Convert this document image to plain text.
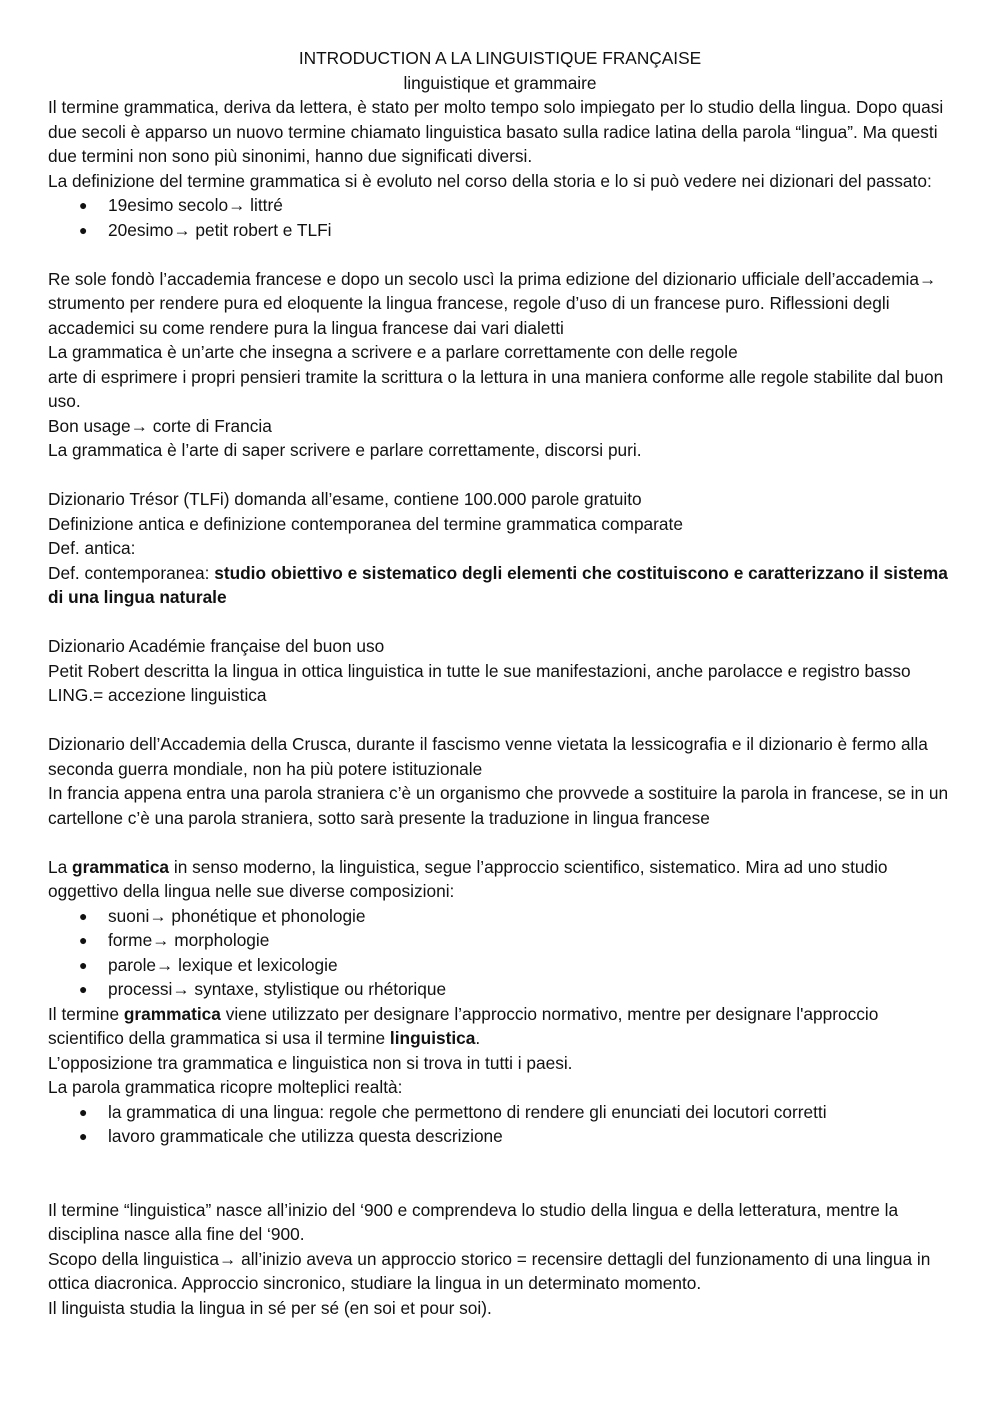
INTRODUCTION A LA LINGUISTIQUE FRANÇAISE
linguistique et grammaire

Il termine grammatica, deriva da lettera, è stato per molto tempo solo impiegato per lo studio della lingua. Dopo quasi due secoli è apparso un nuovo termine chiamato linguistica basato sulla radice latina della parola “lingua”. Ma questi due termini non sono più sinonimi, hanno due significati diversi.

La definizione del termine grammatica si è evoluto nel corso della storia e lo si può vedere nei dizionari del passato:

● 19esimo secolo→ littré
● 20esimo→ petit robert e TLFi

Re sole fondò l’accademia francese e dopo un secolo uscì la prima edizione del dizionario ufficiale dell’accademia→ strumento per rendere pura ed eloquente la lingua francese, regole d’uso di un francese puro. Riflessioni degli accademici su come rendere pura la lingua francese dai vari dialetti

La grammatica è un’arte che insegna a scrivere e a parlare correttamente con delle regole

arte di esprimere i propri pensieri tramite la scrittura o la lettura in una maniera conforme alle regole stabilite dal buon uso.

Bon usage→ corte di Francia

La grammatica è l’arte di saper scrivere e parlare correttamente, discorsi puri.

Dizionario Trésor (TLFi) domanda all’esame, contiene 100.000 parole gratuito

Definizione antica e definizione contemporanea del termine grammatica comparate

Def. antica:

Def. contemporanea: studio obiettivo e sistematico degli elementi che costituiscono e caratterizzano il sistema di una lingua naturale

Dizionario Académie française del buon uso

Petit Robert descritta la lingua in ottica linguistica in tutte le sue manifestazioni, anche parolacce e registro basso

LING.= accezione linguistica

Dizionario dell’Accademia della Crusca, durante il fascismo venne vietata la lessicografia e il dizionario è fermo alla seconda guerra mondiale, non ha più potere istituzionale

In francia appena entra una parola straniera c’è un organismo che provvede a sostituire la parola in francese, se in un cartellone c’è una parola straniera, sotto sarà presente la traduzione in lingua francese

La grammatica in senso moderno, la linguistica, segue l’approccio scientifico, sistematico. Mira ad uno studio oggettivo della lingua nelle sue diverse composizioni:

● suoni→ phonétique et phonologie
● forme→ morphologie
● parole→ lexique et lexicologie
● processi→ syntaxe, stylistique ou rhétorique

Il termine grammatica viene utilizzato per designare l’approccio normativo, mentre per designare l'approccio scientifico della grammatica si usa il termine linguistica.

L’opposizione tra grammatica e linguistica non si trova in tutti i paesi.

La parola grammatica ricopre molteplici realtà:

● la grammatica di una lingua: regole che permettono di rendere gli enunciati dei locutori corretti
● lavoro grammaticale che utilizza questa descrizione

Il termine “linguistica” nasce all’inizio del ‘900 e comprendeva lo studio della lingua e della letteratura, mentre la disciplina nasce alla fine del ‘900.

Scopo della linguistica→ all’inizio aveva un approccio storico = recensire dettagli del funzionamento di una lingua in ottica diacronica. Approccio sincronico, studiare la lingua in un determinato momento.

Il linguista studia la lingua in sé per sé (en soi et pour soi).
